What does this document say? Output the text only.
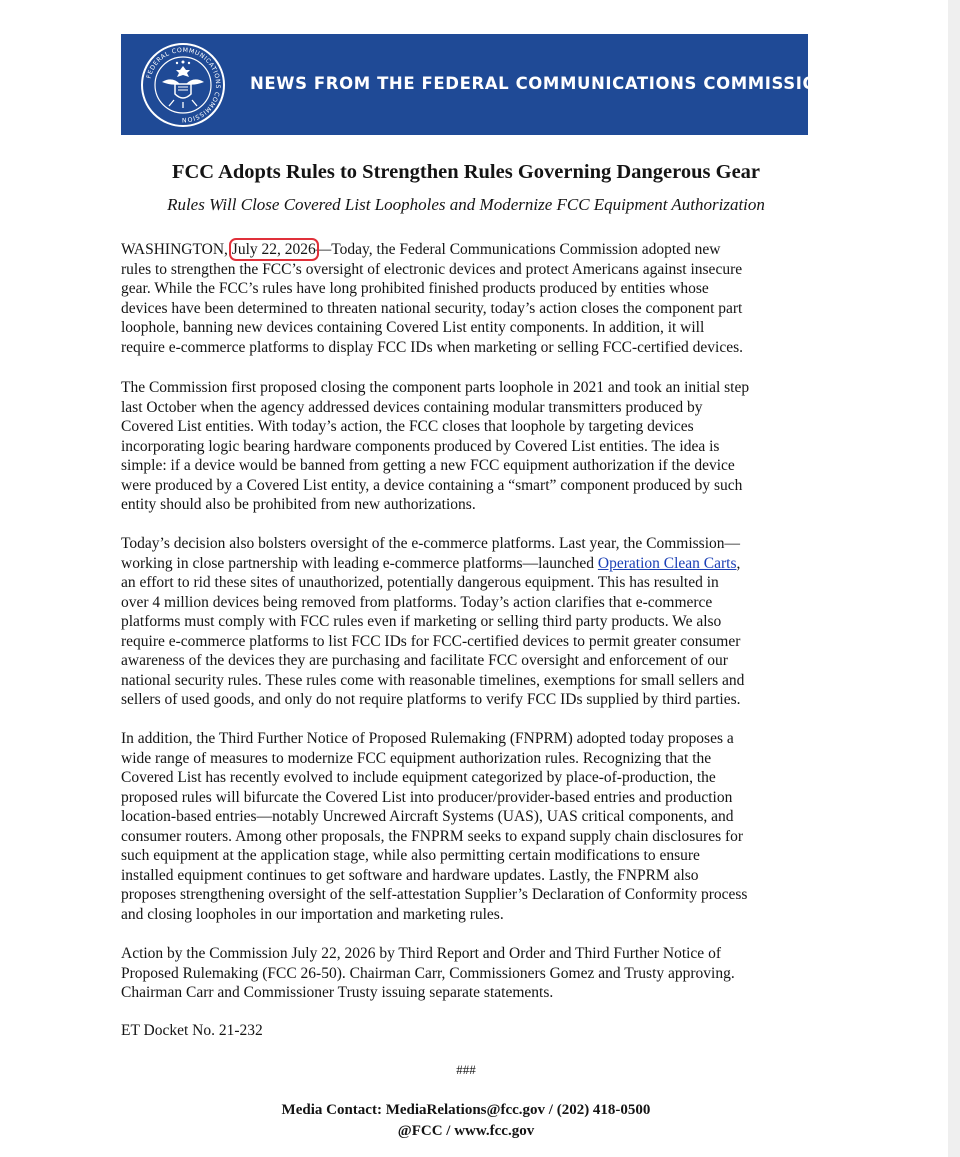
FEDERAL COMMUNICATIONS COMMISSION
NEWS FROM THE FEDERAL COMMUNICATIONS COMMISSION
FCC Adopts Rules to Strengthen Rules Governing Dangerous Gear
Rules Will Close Covered List Loopholes and Modernize FCC Equipment Authorization
WASHINGTON, July 22, 2026—Today, the Federal Communications Commission adopted new
rules to strengthen the FCC’s oversight of electronic devices and protect Americans against insecure
gear. While the FCC’s rules have long prohibited finished products produced by entities whose
devices have been determined to threaten national security, today’s action closes the component part
loophole, banning new devices containing Covered List entity components. In addition, it will
require e-commerce platforms to display FCC IDs when marketing or selling FCC-certified devices.
The Commission first proposed closing the component parts loophole in 2021 and took an initial step
last October when the agency addressed devices containing modular transmitters produced by
Covered List entities. With today’s action, the FCC closes that loophole by targeting devices
incorporating logic bearing hardware components produced by Covered List entities. The idea is
simple: if a device would be banned from getting a new FCC equipment authorization if the device
were produced by a Covered List entity, a device containing a “smart” component produced by such
entity should also be prohibited from new authorizations.
Today’s decision also bolsters oversight of the e-commerce platforms. Last year, the Commission—
working in close partnership with leading e-commerce platforms—launched Operation Clean Carts,
an effort to rid these sites of unauthorized, potentially dangerous equipment. This has resulted in
over 4 million devices being removed from platforms. Today’s action clarifies that e-commerce
platforms must comply with FCC rules even if marketing or selling third party products. We also
require e-commerce platforms to list FCC IDs for FCC-certified devices to permit greater consumer
awareness of the devices they are purchasing and facilitate FCC oversight and enforcement of our
national security rules. These rules come with reasonable timelines, exemptions for small sellers and
sellers of used goods, and only do not require platforms to verify FCC IDs supplied by third parties.
In addition, the Third Further Notice of Proposed Rulemaking (FNPRM) adopted today proposes a
wide range of measures to modernize FCC equipment authorization rules. Recognizing that the
Covered List has recently evolved to include equipment categorized by place-of-production, the
proposed rules will bifurcate the Covered List into producer/provider-based entries and production
location-based entries—notably Uncrewed Aircraft Systems (UAS), UAS critical components, and
consumer routers. Among other proposals, the FNPRM seeks to expand supply chain disclosures for
such equipment at the application stage, while also permitting certain modifications to ensure
installed equipment continues to get software and hardware updates. Lastly, the FNPRM also
proposes strengthening oversight of the self-attestation Supplier’s Declaration of Conformity process
and closing loopholes in our importation and marketing rules.
Action by the Commission July 22, 2026 by Third Report and Order and Third Further Notice of
Proposed Rulemaking (FCC 26-50). Chairman Carr, Commissioners Gomez and Trusty approving.
Chairman Carr and Commissioner Trusty issuing separate statements.
ET Docket No. 21-232
###
Media Contact: MediaRelations@fcc.gov / (202) 418-0500
@FCC / www.fcc.gov
